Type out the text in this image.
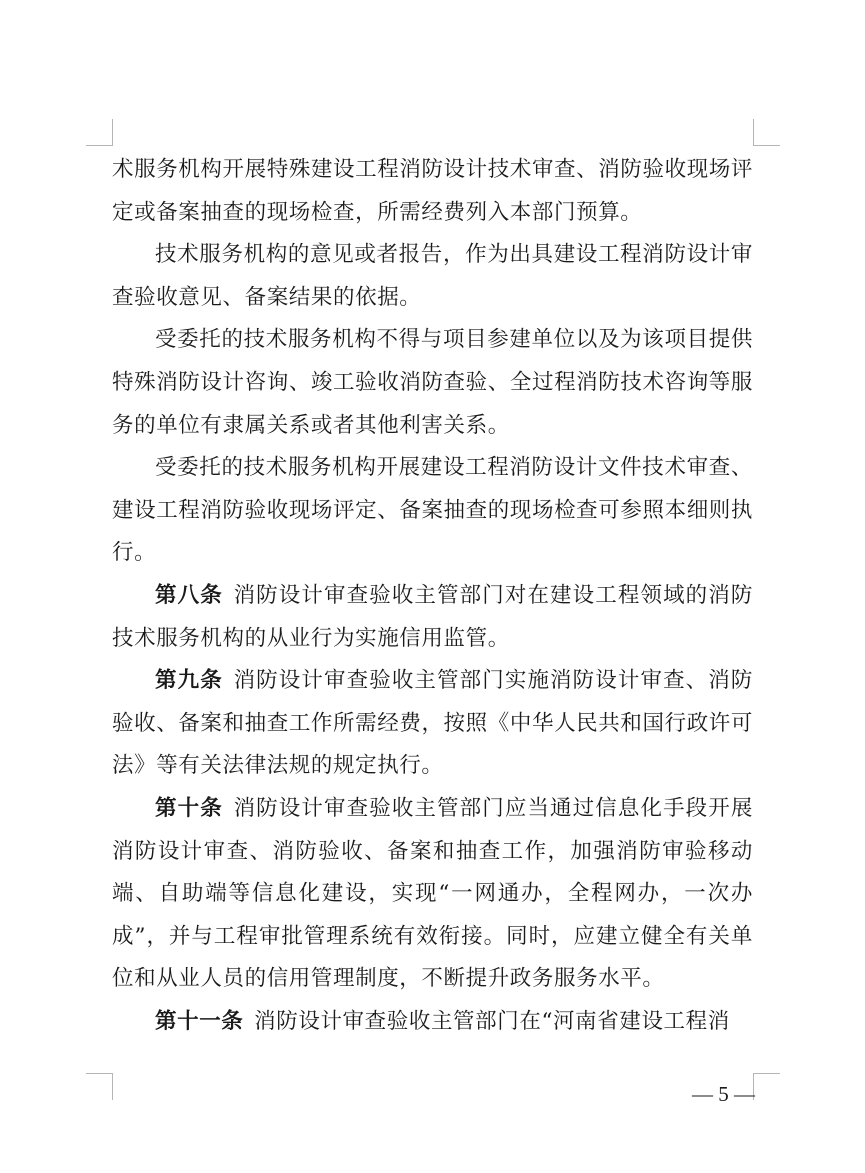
术服务机构开展特殊建设工程消防设计技术审查、消防验收现场评定或备案抽查的现场检查，所需经费列入本部门预算。

技术服务机构的意见或者报告，作为出具建设工程消防设计审查验收意见、备案结果的依据。

受委托的技术服务机构不得与项目参建单位以及为该项目提供特殊消防设计咨询、竣工验收消防查验、全过程消防技术咨询等服务的单位有隶属关系或者其他利害关系。

受委托的技术服务机构开展建设工程消防设计文件技术审查、建设工程消防验收现场评定、备案抽查的现场检查可参照本细则执行。

第八条 消防设计审查验收主管部门对在建设工程领域的消防技术服务机构的从业行为实施信用监管。

第九条 消防设计审查验收主管部门实施消防设计审查、消防验收、备案和抽查工作所需经费，按照《中华人民共和国行政许可法》等有关法律法规的规定执行。

第十条 消防设计审查验收主管部门应当通过信息化手段开展消防设计审查、消防验收、备案和抽查工作，加强消防审验移动端、自助端等信息化建设，实现“一网通办，全程网办，一次办成”，并与工程审批管理系统有效衔接。同时，应建立健全有关单位和从业人员的信用管理制度，不断提升政务服务水平。

第十一条 消防设计审查验收主管部门在“河南省建设工程消

— 5 —
